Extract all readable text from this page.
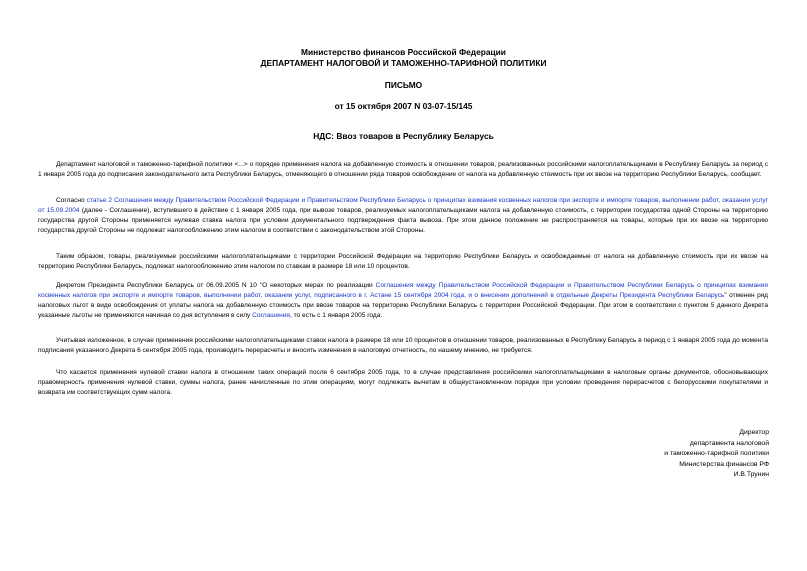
Министерство финансов Российской Федерации
ДЕПАРТАМЕНТ НАЛОГОВОЙ И ТАМОЖЕННО-ТАРИФНОЙ ПОЛИТИКИ
ПИСЬМО
от 15 октября 2007 N 03-07-15/145
НДС: Ввоз товаров в Республику Беларусь
Департамент налоговой и таможенно-тарифной политики <...> о порядке применения налога на добавленную стоимость в отношении товаров, реализованных российскими налогоплательщиками в Республику Беларусь за период с 1 января 2005 года до подписания законодательного акта Республики Беларусь, отменяющего в отношении ряда товаров освобождение от налога на добавленную стоимость при их ввозе на территорию Республики Беларусь, сообщает.
Согласно статье 2 Соглашения между Правительством Российской Федерации и Правительством Республики Беларусь о принципах взимания косвенных налогов при экспорте и импорте товаров, выполнении работ, оказании услуг от 15.09.2004 (далее - Соглашение), вступившего в действие с 1 января 2005 года, при вывозе товаров, реализуемых налогоплательщиками налога на добавленную стоимость, с территории государства одной Стороны на территорию государства другой Стороны применяется нулевая ставка налога при условии документального подтверждения факта вывоза. При этом данное положение не распространяется на товары, которые при их ввозе на территорию государства другой Стороны не подлежат налогообложению этим налогом в соответствии с законодательством этой Стороны.
Таким образом, товары, реализуемые российскими налогоплательщиками с территории Российской Федерации на территорию Республики Беларусь и освобождаемые от налога на добавленную стоимость при их ввозе на территорию Республики Беларусь, подлежат налогообложению этим налогом по ставкам в размере 18 или 10 процентов.
Декретом Президента Республики Беларусь от 06.09.2005 N 10 "О некоторых мерах по реализации Соглашения между Правительством Российской Федерации и Правительством Республики Беларусь о принципах взимания косвенных налогов при экспорте и импорте товаров, выполнении работ, оказании услуг, подписанного в г. Астане 15 сентября 2004 года, и о внесении дополнений в отдельные Декреты Президента Республики Беларусь" отменен ряд налоговых льгот в виде освобождения от уплаты налога на добавленную стоимость при ввозе товаров на территорию Республики Беларусь с территории Российской Федерации. При этом в соответствии с пунктом 5 данного Декрета указанные льготы не применяются начиная со дня вступления в силу Соглашения, то есть с 1 января 2005 года.
Учитывая изложенное, в случае применения российскими налогоплательщиками ставок налога в размере 18 или 10 процентов в отношении товаров, реализованных в Республику Беларусь в период с 1 января 2005 года до момента подписания указанного Декрета 6 сентября 2005 года, производить перерасчеты и вносить изменения в налоговую отчетность, по нашему мнению, не требуется.
Что касается применения нулевой ставки налога в отношении таких операций после 6 сентября 2005 года, то в случае представления российскими налогоплательщиками в налоговые органы документов, обосновывающих правомерность применения нулевой ставки, суммы налога, ранее начисленные по этим операциям, могут подлежать вычетам в общеустановленном порядке при условии проведения перерасчетов с белорусскими покупателями и возврата им соответствующих сумм налога.
Директор
департамента налоговой
и таможенно-тарифной политики
Министерства финансов РФ
И.В.Трунин
